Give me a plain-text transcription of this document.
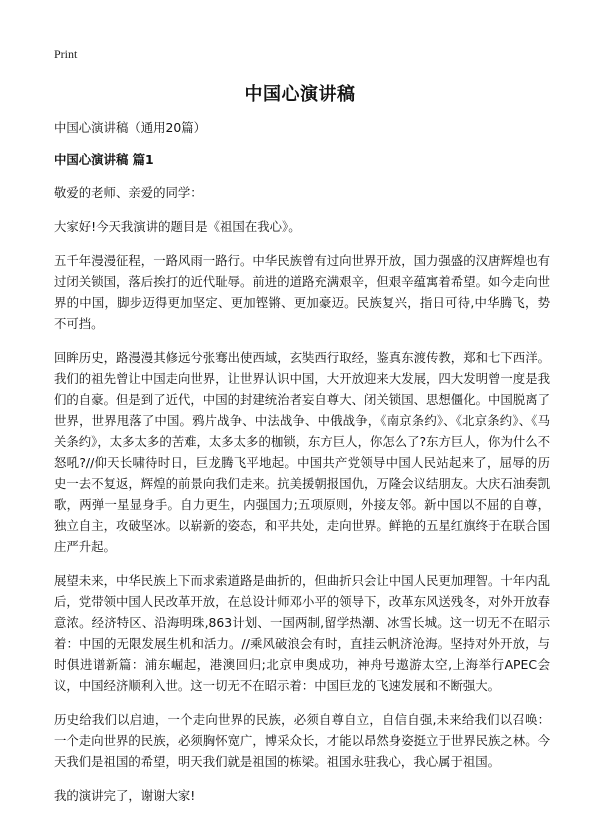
Print
中国心演讲稿

中国心演讲稿（通用20篇）

中国心演讲稿 篇1

敬爱的老师、亲爱的同学：

大家好!今天我演讲的题目是《祖国在我心》。

五千年漫漫征程，一路风雨一路行。中华民族曾有过向世界开放，国力强盛的汉唐辉煌也有过闭关锁国，落后挨打的近代耻辱。前进的道路充满艰辛，但艰辛蕴寓着希望。如今走向世界的中国，脚步迈得更加坚定、更加铿锵、更加豪迈。民族复兴，指日可待,中华腾飞，势不可挡。

回眸历史，路漫漫其修远兮张骞出使西域，玄奘西行取经，鉴真东渡传教，郑和七下西洋。我们的祖先曾让中国走向世界，让世界认识中国，大开放迎来大发展，四大发明曾一度是我们的自豪。但是到了近代，中国的封建统治者妄自尊大、闭关锁国、思想僵化。中国脱离了世界，世界甩落了中国。鸦片战争、中法战争、中俄战争，《南京条约》、《北京条约》、《马关条约》，太多太多的苦难，太多太多的枷锁，东方巨人，你怎么了?东方巨人，你为什么不怒吼?//仰天长啸待时日，巨龙腾飞平地起。中国共产党领导中国人民站起来了，屈辱的历史一去不复返，辉煌的前景向我们走来。抗美援朝报国仇，万隆会议结朋友。大庆石油奏凯歌，两弹一星显身手。自力更生，内强国力;五项原则，外接友邻。新中国以不屈的自尊，独立自主，攻破坚冰。以崭新的姿态，和平共处，走向世界。鲜艳的五星红旗终于在联合国庄严升起。

展望未来，中华民族上下而求索道路是曲折的，但曲折只会让中国人民更加理智。十年内乱后，党带领中国人民改革开放，在总设计师邓小平的领导下，改革东风送残冬，对外开放春意浓。经济特区、沿海明珠,863计划、一国两制,留学热潮、冰雪长城。这一切无不在昭示着：中国的无限发展生机和活力。//乘风破浪会有时，直挂云帆济沧海。坚持对外开放，与时俱进谱新篇：浦东崛起，港澳回归;北京申奥成功，神舟号遨游太空,上海举行APEC会议，中国经济顺利入世。这一切无不在昭示着：中国巨龙的飞速发展和不断强大。

历史给我们以启迪，一个走向世界的民族，必须自尊自立，自信自强,未来给我们以召唤：一个走向世界的民族，必须胸怀宽广，博采众长，才能以昂然身姿挺立于世界民族之林。今天我们是祖国的希望，明天我们就是祖国的栋梁。祖国永驻我心，我心属于祖国。

我的演讲完了，谢谢大家!
